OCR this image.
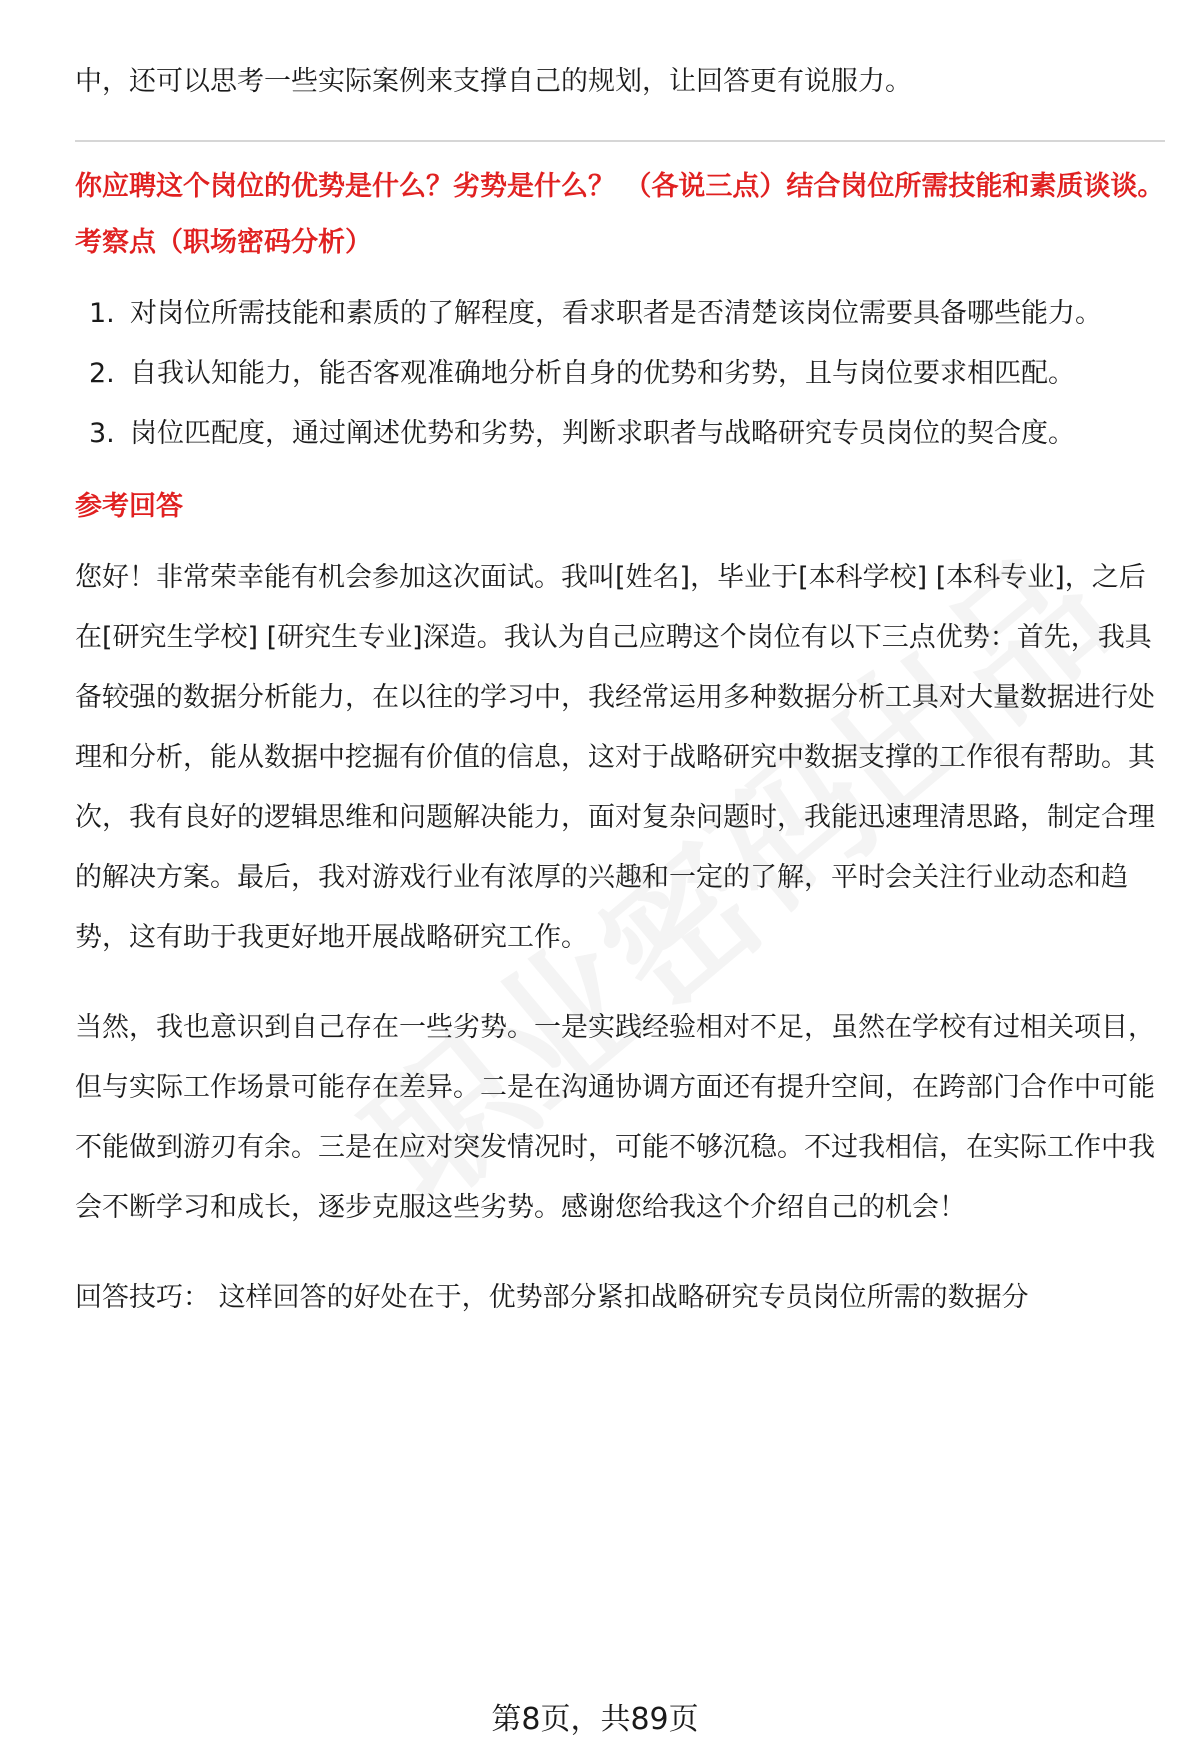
中，还可以思考一些实际案例来支撑自己的规划，让回答更有说服力。

你应聘这个岗位的优势是什么？劣势是什么？ （各说三点）结合岗位所需技能和素质谈谈。

考察点（职场密码分析）

1. 对岗位所需技能和素质的了解程度，看求职者是否清楚该岗位需要具备哪些能力。
2. 自我认知能力，能否客观准确地分析自身的优势和劣势，且与岗位要求相匹配。
3. 岗位匹配度，通过阐述优势和劣势，判断求职者与战略研究专员岗位的契合度。

参考回答

您好！非常荣幸能有机会参加这次面试。我叫[姓名]，毕业于[本科学校] [本科专业]，之后在[研究生学校] [研究生专业]深造。我认为自己应聘这个岗位有以下三点优势：首先，我具备较强的数据分析能力，在以往的学习中，我经常运用多种数据分析工具对大量数据进行处理和分析，能从数据中挖掘有价值的信息，这对于战略研究中数据支撑的工作很有帮助。其次，我有良好的逻辑思维和问题解决能力，面对复杂问题时，我能迅速理清思路，制定合理的解决方案。最后，我对游戏行业有浓厚的兴趣和一定的了解，平时会关注行业动态和趋势，这有助于我更好地开展战略研究工作。

当然，我也意识到自己存在一些劣势。一是实践经验相对不足，虽然在学校有过相关项目，但与实际工作场景可能存在差异。二是在沟通协调方面还有提升空间，在跨部门合作中可能不能做到游刃有余。三是在应对突发情况时，可能不够沉稳。不过我相信，在实际工作中我会不断学习和成长，逐步克服这些劣势。感谢您给我这个介绍自己的机会！

回答技巧： 这样回答的好处在于，优势部分紧扣战略研究专员岗位所需的数据分

第8页，共89页
